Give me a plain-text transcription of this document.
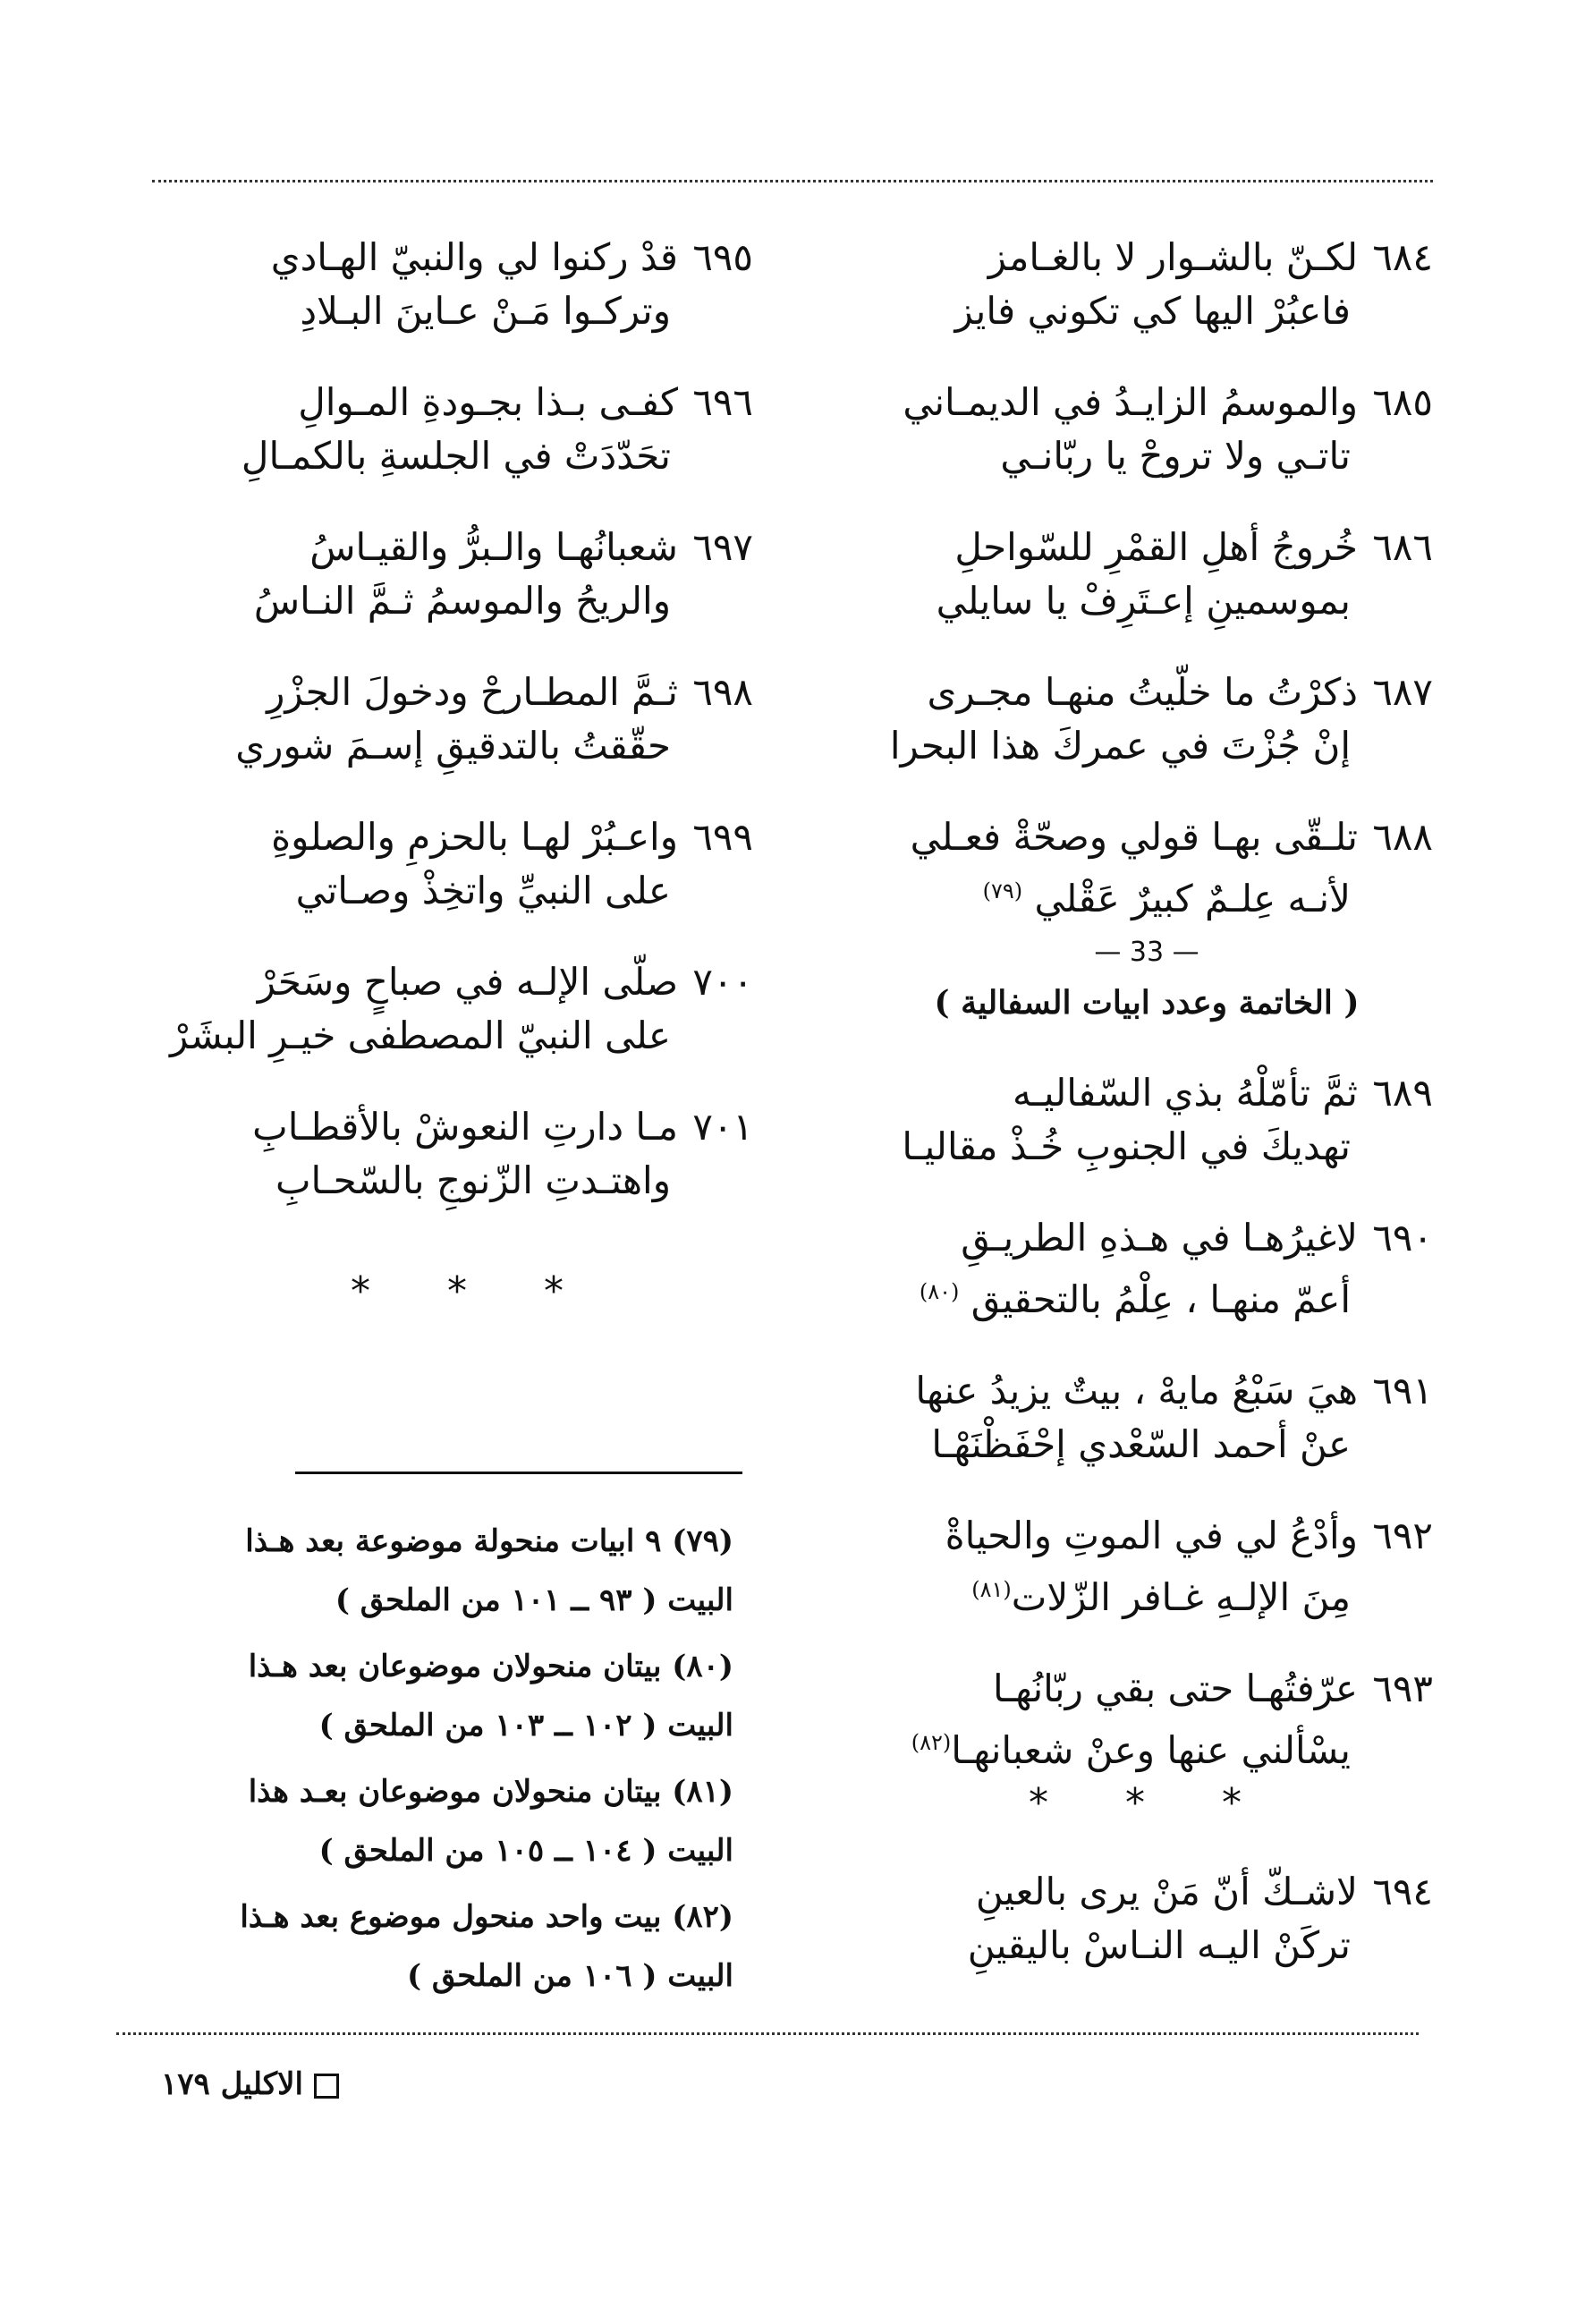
٦٨٤لكـنّ بالشـوار لا بالغـامز
فاعبُرْ اليها كي تكوني فايز
٦٨٥والموسمُ الزايـدُ في الديمـاني
تاتـي ولا تروحْ يا ربّانـي
٦٨٦خُروجُ أهلِ القمْرِ للسّواحلِ
بموسمينِ إعـتَرِفْ يا سايلي
٦٨٧ذكرْتُ ما خلّيتُ منهـا مجـرى
إنْ جُزْتَ في عمركَ هذا البحرا
٦٨٨تلـقّى بهـا قولي وصحّةْ فعـلي
لأنـه عِلـمٌ كبيرٌ عَقْلي $^{(٧٩)}$
— 33 —
( الخاتمة وعدد ابيات السفالية )
٦٨٩ثمَّ تأمّلْهُ بذي السّفاليـه
تهديكَ في الجنوبِ خُـذْ مقاليـا
٦٩٠لاغيرُهـا في هـذهِ الطريـقِ
أعمّ منهـا ، عِلْمُ بالتحقيق $^{(٨٠)}$
٦٩١هيَ سَبْعُ مايهْ ، بيتٌ يزيدُ عنها
عنْ أحمد السّعْدي إحْفَظْنَهْـا
٦٩٢وأدْعُ لي في الموتِ والحياةْ
مِنَ الإلـهِ غـافر الزّلات$^{(٨١)}$
٦٩٣عرّفتُهـا حتى بقي ربّانُهـا
يسْألني عنها وعنْ شعبانهـا$^{(٨٢)}$
* * *
٦٩٤لاشـكّ أنّ مَنْ يرى بالعينِ
تركَنْ اليـه النـاسْ باليقينِ
٦٩٥قدْ ركنوا لي والنبيّ الهـادي
وتركـوا مَـنْ عـاينَ البـلادِ
٦٩٦كفـى بـذا بجـودةِ المـوالِ
تحَدّدَتْ في الجلسةِ بالكمـالِ
٦٩٧شعبانُهـا والـبرُّ والقيـاسُ
والريحُ والموسمُ ثـمَّ النـاسُ
٦٩٨ثـمَّ المطـارحْ ودخولَ الجزْرِ
حقّقتُ بالتدقيقِ إسـمَ شوري
٦٩٩واعـبُرْ لهـا بالحزمِ والصلوةِ
على النبيِّ واتخِذْ وصـاتي
٧٠٠صلّى الإلـه في صباحٍ وسَحَرْ
على النبيّ المصطفى خيـرِ البشَرْ
٧٠١مـا دارتِ النعوشْ بالأقطـابِ
واهتـدتِ الزّنوجِ بالسّحـابِ
* * *
(٧٩) ٩ ابيات منحولة موضوعة بعد هـذا
البيت ( ٩٣ ــ ١٠١ من الملحق )
(٨٠) بيتان منحولان موضوعان بعد هـذا
البيت ( ١٠٢ ــ ١٠٣ من الملحق )
(٨١) بيتان منحولان موضوعان بعـد هذا
البيت ( ١٠٤ ــ ١٠٥ من الملحق )
(٨٢) بيت واحد منحول موضوع بعد هـذا
البيت ( ١٠٦ من الملحق )
الاكليل ١٧٩
